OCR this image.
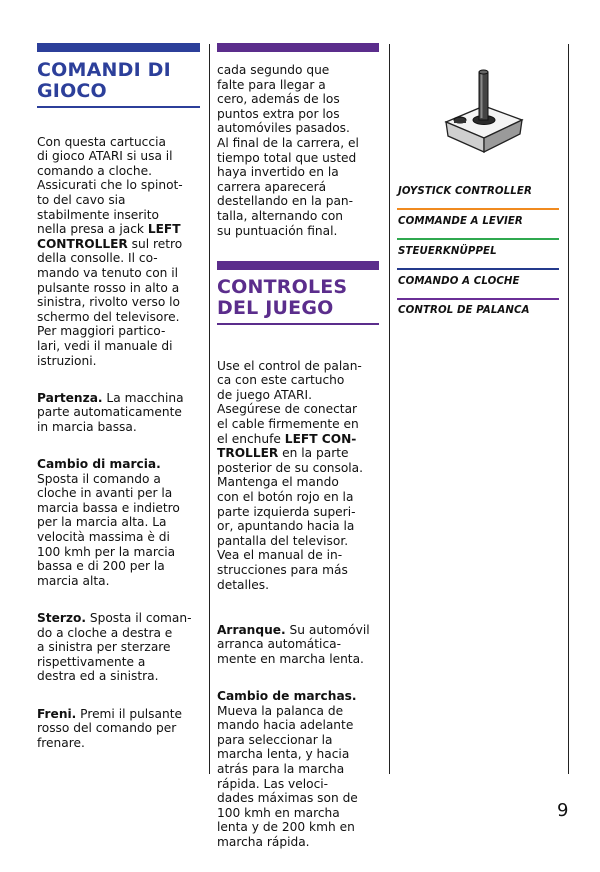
COMANDI DI
GIOCO

Con questa cartuccia
di gioco ATARI si usa il
comando a cloche.
Assicurati che lo spinot-
to del cavo sia
stabilmente inserito
nella presa a jack LEFT
CONTROLLER sul retro
della consolle. Il co-
mando va tenuto con il
pulsante rosso in alto a
sinistra, rivolto verso lo
schermo del televisore.
Per maggiori partico-
lari, vedi il manuale di
istruzioni.

Partenza. La macchina
parte automaticamente
in marcia bassa.

Cambio di marcia.
Sposta il comando a
cloche in avanti per la
marcia bassa e indietro
per la marcia alta. La
velocità massima è di
100 kmh per la marcia
bassa e di 200 per la
marcia alta.

Sterzo. Sposta il coman-
do a cloche a destra e
a sinistra per sterzare
rispettivamente a
destra ed a sinistra.

Freni. Premi il pulsante
rosso del comando per
frenare.

cada segundo que
falte para llegar a
cero, además de los
puntos extra por los
automóviles pasados.
Al final de la carrera, el
tiempo total que usted
haya invertido en la
carrera aparecerá
destellando en la pan-
talla, alternando con
su puntuación final.
CONTROLES
DEL JUEGO

Use el control de palan-
ca con este cartucho
de juego ATARI.
Asegúrese de conectar
el cable firmemente en
el enchufe LEFT CON-
TROLLER en la parte
posterior de su consola.
Mantenga el mando
con el botón rojo en la
parte izquierda superi-
or, apuntando hacia la
pantalla del televisor.
Vea el manual de in-
strucciones para más
detalles.

Arranque. Su automóvil
arranca automática-
mente en marcha lenta.

Cambio de marchas.
Mueva la palanca de
mando hacia adelante
para seleccionar la
marcha lenta, y hacia
atrás para la marcha
rápida. Las veloci-
dades máximas son de
100 kmh en marcha
lenta y de 200 kmh en
marcha rápida.

JOYSTICK CONTROLLER
COMMANDE A LEVIER
STEUERKNÜPPEL
COMANDO A CLOCHE
CONTROL DE PALANCA
9
